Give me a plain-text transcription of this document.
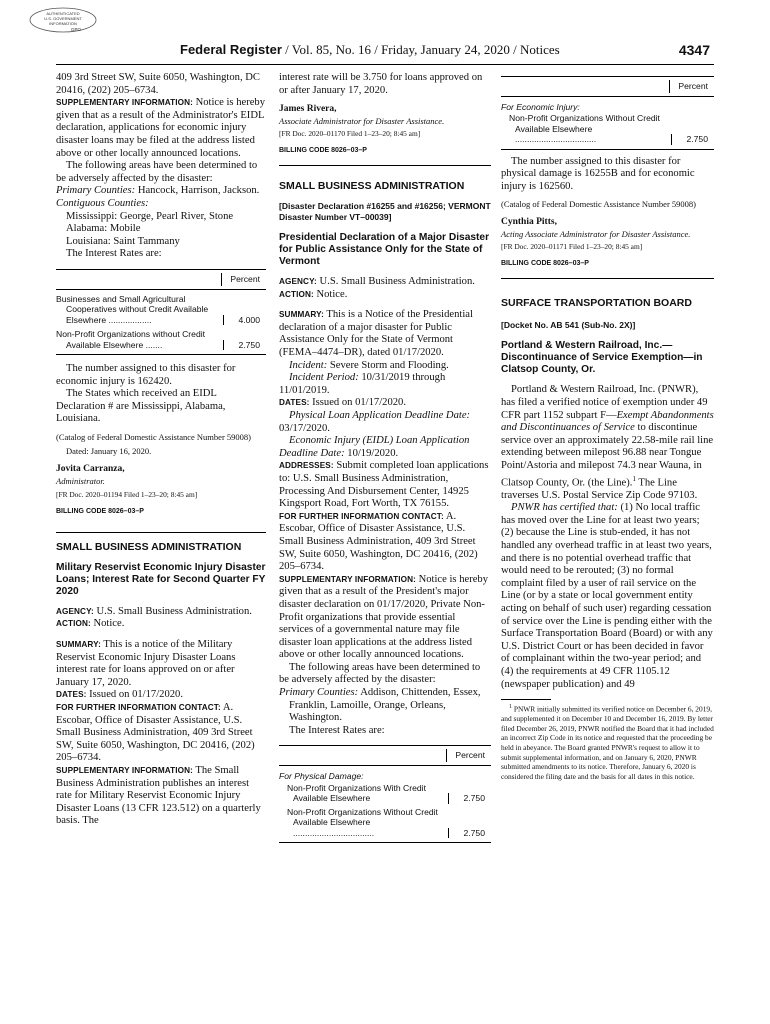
AUTHENTICATED
U.S. GOVERNMENT
INFORMATION
GPO
Federal Register / Vol. 85, No. 16 / Friday, January 24, 2020 / Notices	4347

409 3rd Street SW, Suite 6050, Washington, DC 20416, (202) 205–6734.

SUPPLEMENTARY INFORMATION: Notice is hereby given that as a result of the Administrator's EIDL declaration, applications for economic injury disaster loans may be filed at the address listed above or other locally announced locations.

The following areas have been determined to be adversely affected by the disaster:

Primary Counties: Hancock, Harrison, Jackson.

Contiguous Counties:

Mississippi: George, Pearl River, Stone

Alabama: Mobile

Louisiana: Saint Tammany

The Interest Rates are:

Percent
Businesses and Small Agricultural Cooperatives without Credit Available Elsewhere ..................	4.000
Non-Profit Organizations without Credit Available Elsewhere .......	2.750

The number assigned to this disaster for economic injury is 162420.

The States which received an EIDL Declaration # are Mississippi, Alabama, Louisiana.

(Catalog of Federal Domestic Assistance Number 59008)

Dated: January 16, 2020.

Jovita Carranza,

Administrator.

[FR Doc. 2020–01194 Filed 1–23–20; 8:45 am]

BILLING CODE 8026–03–P

SMALL BUSINESS ADMINISTRATION

Military Reservist Economic Injury Disaster Loans; Interest Rate for Second Quarter FY 2020

AGENCY: U.S. Small Business Administration.

ACTION: Notice.

SUMMARY: This is a notice of the Military Reservist Economic Injury Disaster Loans interest rate for loans approved on or after January 17, 2020.

DATES: Issued on 01/17/2020.

FOR FURTHER INFORMATION CONTACT: A. Escobar, Office of Disaster Assistance, U.S. Small Business Administration, 409 3rd Street SW, Suite 6050, Washington, DC 20416, (202) 205–6734.

SUPPLEMENTARY INFORMATION: The Small Business Administration publishes an interest rate for Military Reservist Economic Injury Disaster Loans (13 CFR 123.512) on a quarterly basis. The

interest rate will be 3.750 for loans approved on or after January 17, 2020.

James Rivera,

Associate Administrator for Disaster Assistance.

[FR Doc. 2020–01170 Filed 1–23–20; 8:45 am]

BILLING CODE 8026–03–P

SMALL BUSINESS ADMINISTRATION

[Disaster Declaration #16255 and #16256; VERMONT Disaster Number VT–00039]

Presidential Declaration of a Major Disaster for Public Assistance Only for the State of Vermont

AGENCY: U.S. Small Business Administration.

ACTION: Notice.

SUMMARY: This is a Notice of the Presidential declaration of a major disaster for Public Assistance Only for the State of Vermont (FEMA–4474–DR), dated 01/17/2020.

Incident: Severe Storm and Flooding.

Incident Period: 10/31/2019 through 11/01/2019.

DATES: Issued on 01/17/2020.

Physical Loan Application Deadline Date: 03/17/2020.

Economic Injury (EIDL) Loan Application Deadline Date: 10/19/2020.

ADDRESSES: Submit completed loan applications to: U.S. Small Business Administration, Processing And Disbursement Center, 14925 Kingsport Road, Fort Worth, TX 76155.

FOR FURTHER INFORMATION CONTACT: A. Escobar, Office of Disaster Assistance, U.S. Small Business Administration, 409 3rd Street SW, Suite 6050, Washington, DC 20416, (202) 205–6734.

SUPPLEMENTARY INFORMATION: Notice is hereby given that as a result of the President's major disaster declaration on 01/17/2020, Private Non-Profit organizations that provide essential services of a governmental nature may file disaster loan applications at the address listed above or other locally announced locations.

The following areas have been determined to be adversely affected by the disaster:

Primary Counties: Addison, Chittenden, Essex, Franklin, Lamoille, Orange, Orleans, Washington.

The Interest Rates are:

Percent
For Physical Damage:
Non-Profit Organizations With Credit Available Elsewhere	2.750
Non-Profit Organizations Without Credit Available Elsewhere ..................................	2.750
Percent
For Economic Injury:
Non-Profit Organizations Without Credit Available Elsewhere ..................................	2.750

The number assigned to this disaster for physical damage is 16255B and for economic injury is 162560.

(Catalog of Federal Domestic Assistance Number 59008)

Cynthia Pitts,

Acting Associate Administrator for Disaster Assistance.

[FR Doc. 2020–01171 Filed 1–23–20; 8:45 am]

BILLING CODE 8026–03–P

SURFACE TRANSPORTATION BOARD

[Docket No. AB 541 (Sub-No. 2X)]

Portland & Western Railroad, Inc.—Discontinuance of Service Exemption—in Clatsop County, Or.

Portland & Western Railroad, Inc. (PNWR), has filed a verified notice of exemption under 49 CFR part 1152 subpart F—Exempt Abandonments and Discontinuances of Service to discontinue service over an approximately 22.58-mile rail line extending between milepost 96.88 near Tongue Point/Astoria and milepost 74.3 near Wauna, in Clatsop County, Or. (the Line).$^1$ The Line traverses U.S. Postal Service Zip Code 97103.

PNWR has certified that: (1) No local traffic has moved over the Line for at least two years; (2) because the Line is stub-ended, it has not handled any overhead traffic in at least two years, and there is no potential overhead traffic that would need to be rerouted; (3) no formal complaint filed by a user of rail service on the Line (or by a state or local government entity acting on behalf of such user) regarding cessation of service over the Line is pending either with the Surface Transportation Board (Board) or with any U.S. District Court or has been decided in favor of complainant within the two-year period; and (4) the requirements at 49 CFR 1105.12 (newspaper publication) and 49

$^1$ PNWR initially submitted its verified notice on December 6, 2019, and supplemented it on December 10 and December 16, 2019. By letter filed December 26, 2019, PNWR notified the Board that it had included an incorrect Zip Code in its notice and requested that the proceeding be held in abeyance. The Board granted PNWR's request to allow it to submit supplemental information, and on January 6, 2020, PNWR submitted amendments to its notice. Therefore, January 6, 2020 is considered the filing date and the basis for all dates in this notice.
